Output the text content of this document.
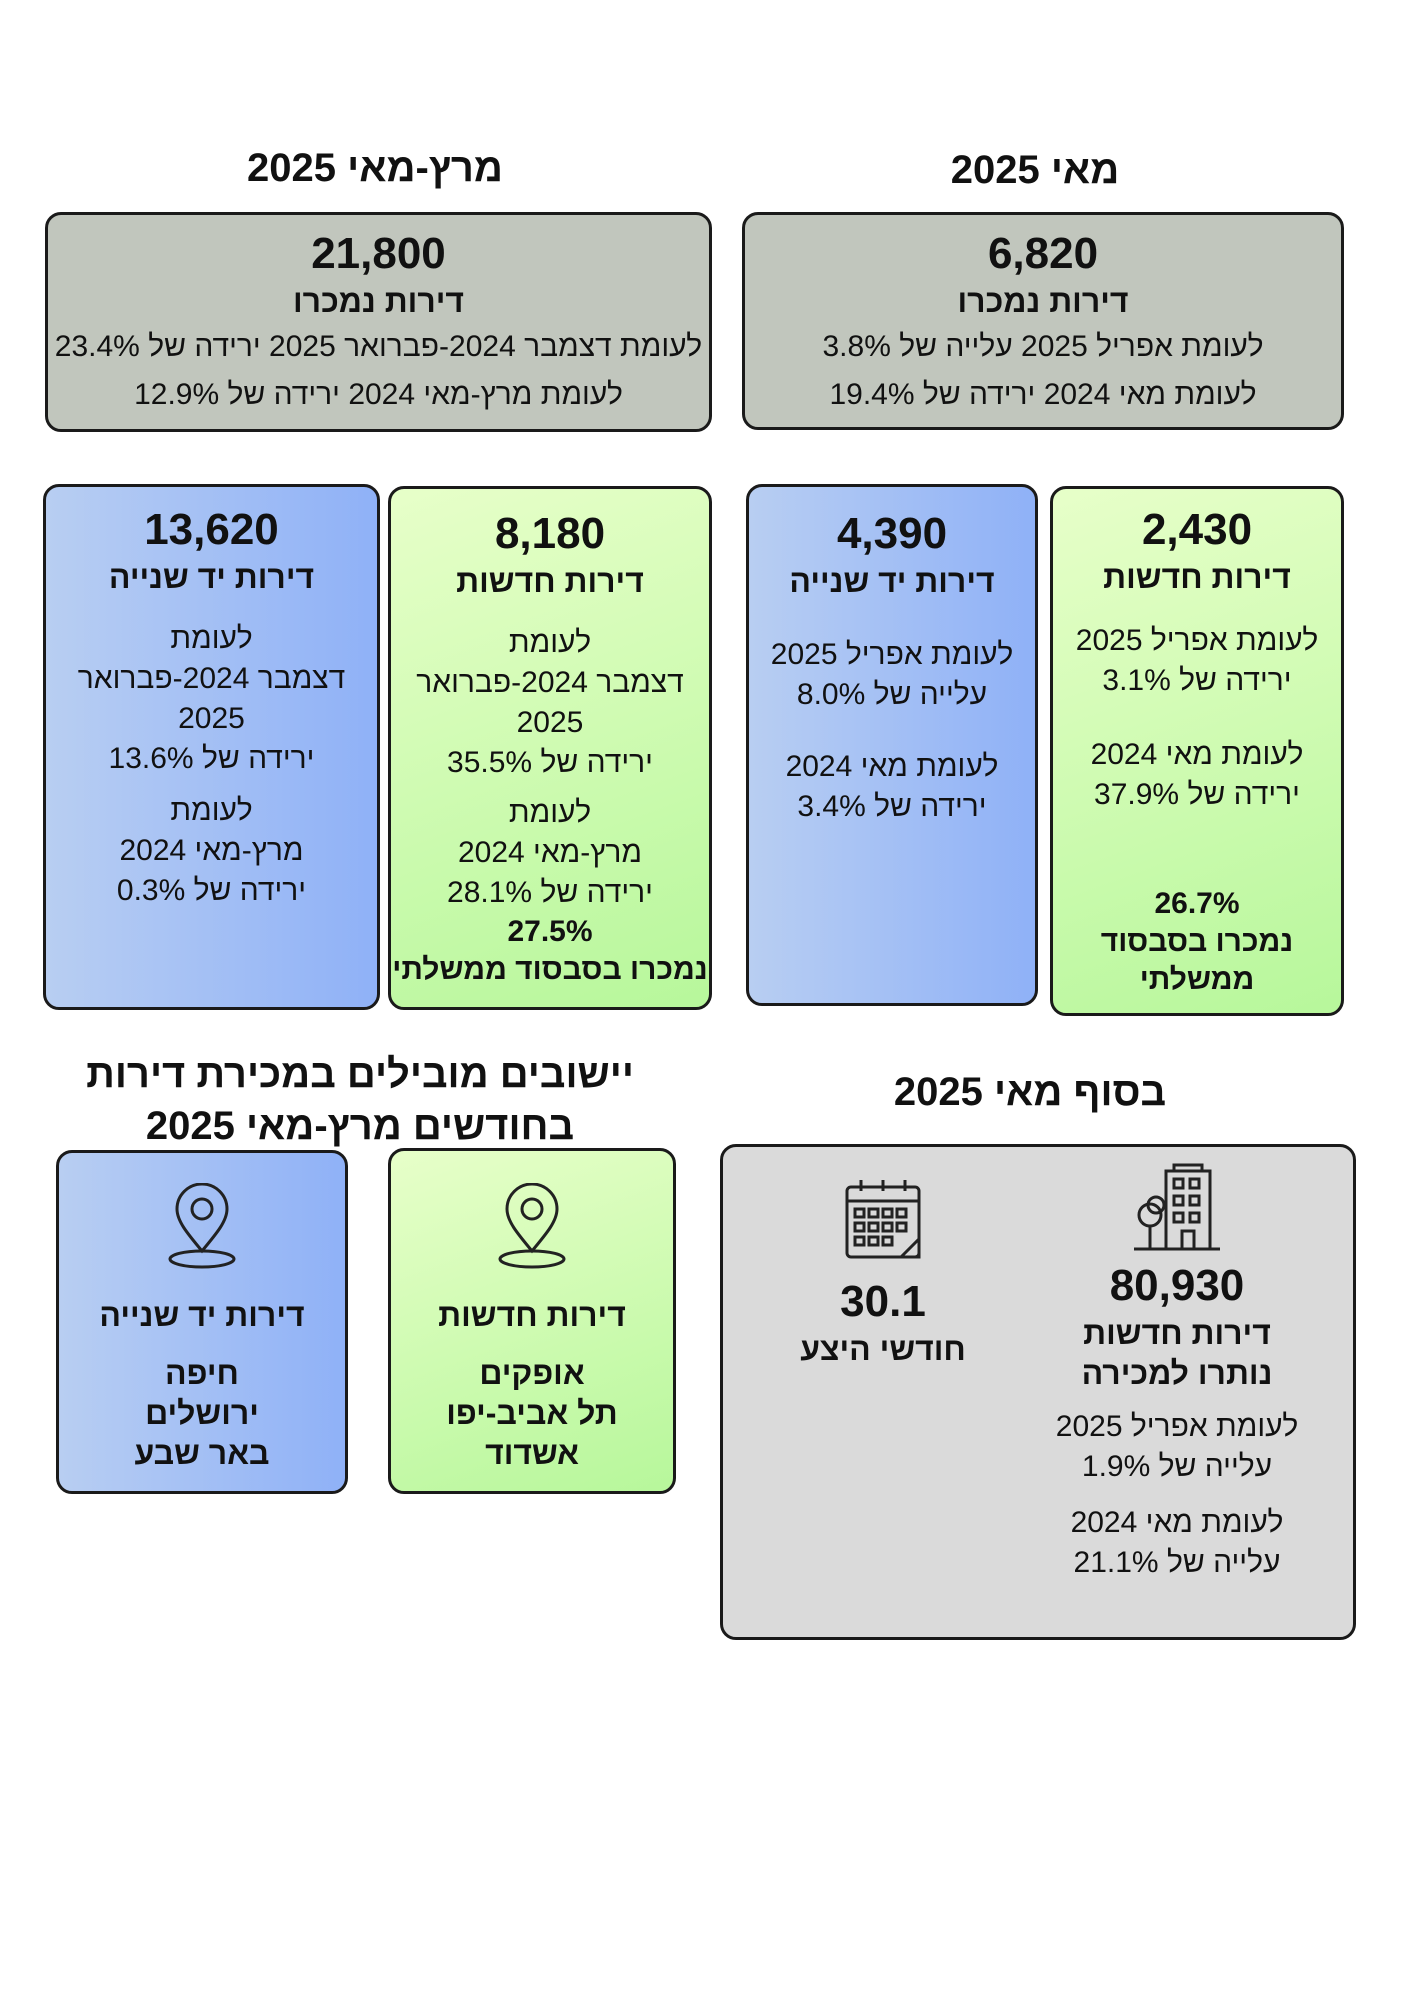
מאי 2025
מרץ-מאי 2025
6,820
דירות נמכרו
לעומת אפריל 2025 עלייה של 3.8%
לעומת מאי 2024 ירידה של 19.4%
21,800
דירות נמכרו
לעומת דצמבר 2024-פברואר 2025 ירידה של 23.4%
לעומת מרץ-מאי 2024 ירידה של 12.9%
2,430
דירות חדשות
לעומת אפריל 2025
ירידה של 3.1%
לעומת מאי 2024
ירידה של 37.9%
26.7%
נמכרו בסבסוד ממשלתי
4,390
דירות יד שנייה
לעומת אפריל 2025
עלייה של 8.0%
לעומת מאי 2024
ירידה של 3.4%
8,180
דירות חדשות
לעומת
דצמבר 2024-פברואר 2025
ירידה של 35.5%
לעומת
מרץ-מאי 2024
ירידה של 28.1%
27.5%
נמכרו בסבסוד ממשלתי
13,620
דירות יד שנייה
לעומת
דצמבר 2024-פברואר 2025
ירידה של 13.6%
לעומת
מרץ-מאי 2024
ירידה של 0.3%
בסוף מאי 2025
יישובים מובילים במכירת דירות
בחודשים מרץ-מאי 2025
80,930
דירות חדשות
נותרו למכירה
לעומת אפריל 2025
עלייה של 1.9%
לעומת מאי 2024
עלייה של 21.1%
30.1
חודשי היצע
דירות חדשות
אופקים
תל אביב-יפו
אשדוד
דירות יד שנייה
חיפה
ירושלים
באר שבע
